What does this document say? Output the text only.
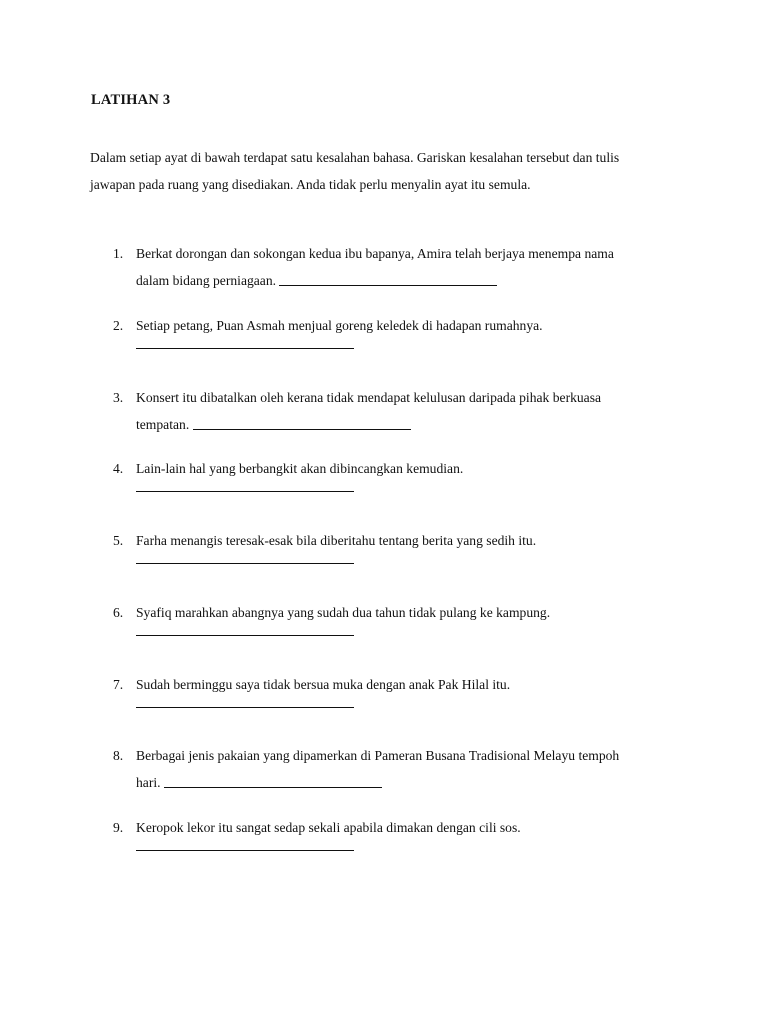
LATIHAN 3
Dalam setiap ayat di bawah terdapat satu kesalahan bahasa. Gariskan kesalahan tersebut dan tulis
jawapan pada ruang yang disediakan. Anda tidak perlu menyalin ayat itu semula.
1. Berkat dorongan dan sokongan kedua ibu bapanya, Amira telah berjaya menempa nama
dalam bidang perniagaan.
2. Setiap petang, Puan Asmah menjual goreng keledek di hadapan rumahnya.
3. Konsert itu dibatalkan oleh kerana tidak mendapat kelulusan daripada pihak berkuasa
tempatan.
4. Lain-lain hal yang berbangkit akan dibincangkan kemudian.
5. Farha menangis teresak-esak bila diberitahu tentang berita yang sedih itu.
6. Syafiq marahkan abangnya yang sudah dua tahun tidak pulang ke kampung.
7. Sudah berminggu saya tidak bersua muka dengan anak Pak Hilal itu.
8. Berbagai jenis pakaian yang dipamerkan di Pameran Busana Tradisional Melayu tempoh
hari.
9. Keropok lekor itu sangat sedap sekali apabila dimakan dengan cili sos.
